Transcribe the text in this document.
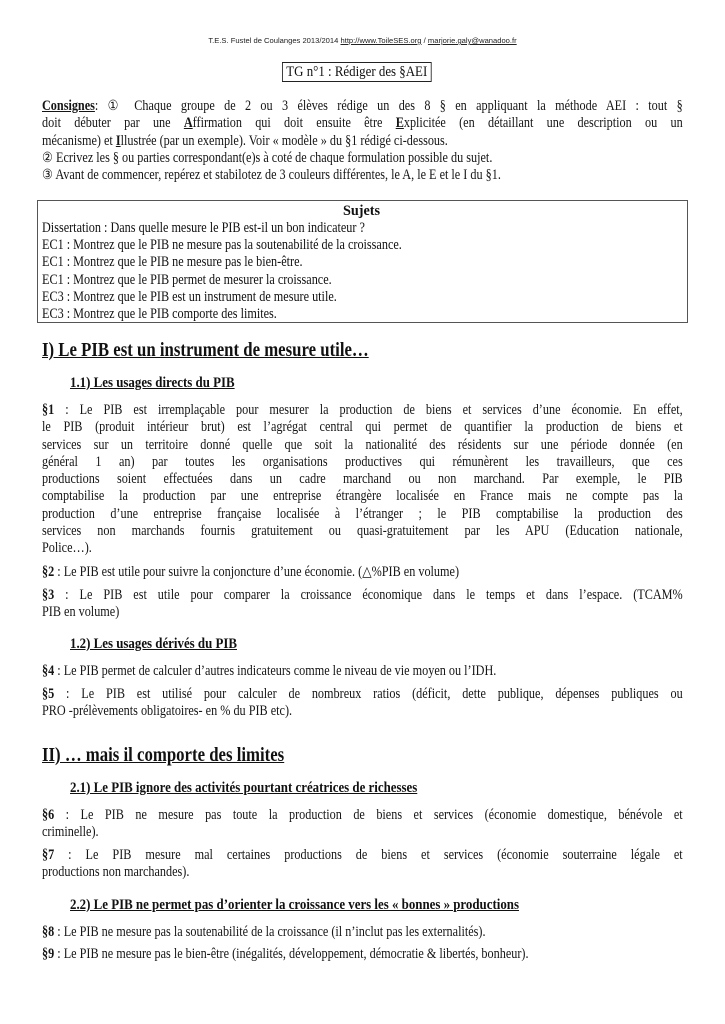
T.E.S. Fustel de Coulanges 2013/2014 http://www.ToileSES.org / marjorie.galy@wanadoo.fr
TG n°1 : Rédiger des §AEI
Consignes: ① Chaque groupe de 2 ou 3 élèves rédige un des 8 § en appliquant la méthode AEI : tout §
doit débuter par une Affirmation qui doit ensuite être Explicitée (en détaillant une description ou un
mécanisme) et Illustrée (par un exemple). Voir « modèle » du §1 rédigé ci-dessous.
② Ecrivez les § ou parties correspondant(e)s à coté de chaque formulation possible du sujet.
③ Avant de commencer, repérez et stabilotez de 3 couleurs différentes, le A, le E et le I du §1.
Sujets
Dissertation : Dans quelle mesure le PIB est-il un bon indicateur ?
EC1 : Montrez que le PIB ne mesure pas la soutenabilité de la croissance.
EC1 : Montrez que le PIB ne mesure pas le bien-être.
EC1 : Montrez que le PIB permet de mesurer la croissance.
EC3 : Montrez que le PIB est un instrument de mesure utile.
EC3 : Montrez que le PIB comporte des limites.
I) Le PIB est un instrument de mesure utile…
1.1) Les usages directs du PIB
§1 : Le PIB est irremplaçable pour mesurer la production de biens et services d’une économie. En effet,
le PIB (produit intérieur brut) est l’agrégat central qui permet de quantifier la production de biens et
services sur un territoire donné quelle que soit la nationalité des résidents sur une période donnée (en
général 1 an) par toutes les organisations productives qui rémunèrent les travailleurs, que ces
productions soient effectuées dans un cadre marchand ou non marchand. Par exemple, le PIB
comptabilise la production par une entreprise étrangère localisée en France mais ne compte pas la
production d’une entreprise française localisée à l’étranger ; le PIB comptabilise la production des
services non marchands fournis gratuitement ou quasi-gratuitement par les APU (Education nationale,
Police…).
§2 : Le PIB est utile pour suivre la conjoncture d’une économie. (△%PIB en volume)
§3 : Le PIB est utile pour comparer la croissance économique dans le temps et dans l’espace. (TCAM%
PIB en volume)
1.2) Les usages dérivés du PIB
§4 : Le PIB permet de calculer d’autres indicateurs comme le niveau de vie moyen ou l’IDH.
§5 : Le PIB est utilisé pour calculer de nombreux ratios (déficit, dette publique, dépenses publiques ou
PRO -prélèvements obligatoires- en % du PIB etc).
II) … mais il comporte des limites
2.1) Le PIB ignore des activités pourtant créatrices de richesses
§6 : Le PIB ne mesure pas toute la production de biens et services (économie domestique, bénévole et
criminelle).
§7 : Le PIB mesure mal certaines productions de biens et services (économie souterraine légale et
productions non marchandes).
2.2) Le PIB ne permet pas d’orienter la croissance vers les « bonnes » productions
§8 : Le PIB ne mesure pas la soutenabilité de la croissance (il n’inclut pas les externalités).
§9 : Le PIB ne mesure pas le bien-être (inégalités, développement, démocratie & libertés, bonheur).
